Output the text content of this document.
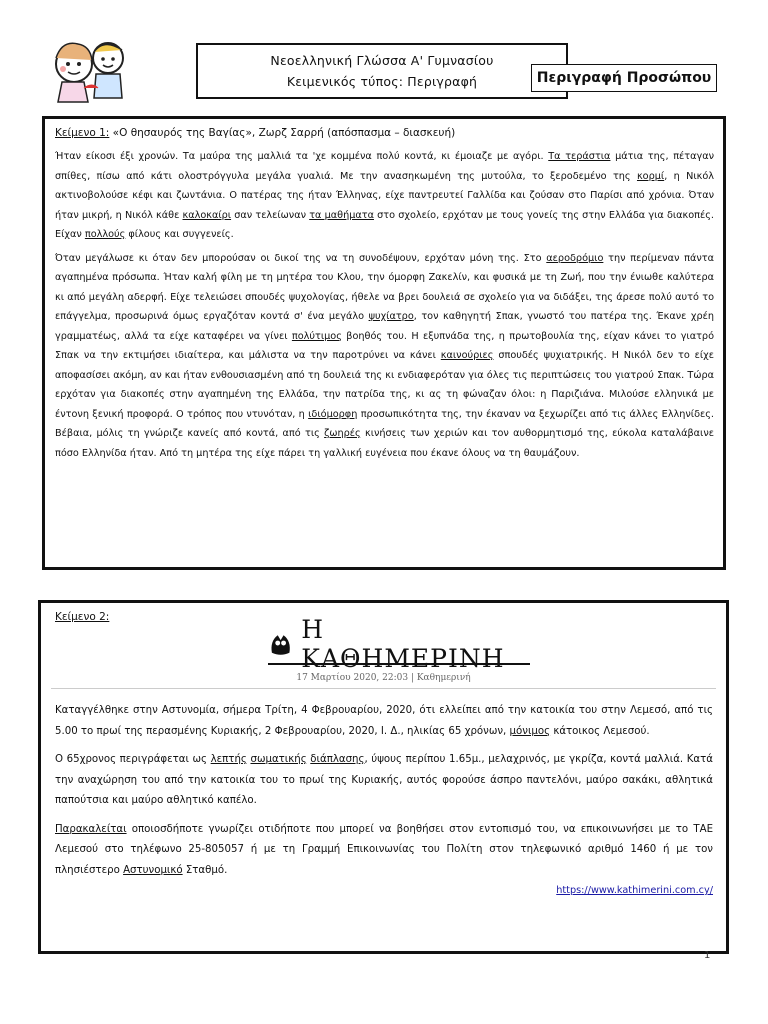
Νεοελληνική Γλώσσα Α' Γυμνασίου
Κειμενικός τύπος: Περιγραφή	Περιγραφή Προσώπου
Κείμενο 1: «Ο θησαυρός της Βαγίας», Ζωρζ Σαρρή (απόσπασμα – διασκευή)

Ήταν είκοσι έξι χρονών. Τα μαύρα της μαλλιά τα 'χε κομμένα πολύ κοντά, κι έμοιαζε με αγόρι. Τα τεράστια μάτια της, πέταγαν σπίθες, πίσω από κάτι ολοστρόγγυλα μεγάλα γυαλιά. Με την ανασηκωμένη της μυτούλα, το ξεροδεμένο της κορμί, η Νικόλ ακτινοβολούσε κέφι και ζωντάνια. Ο πατέρας της ήταν Έλληνας, είχε παντρευτεί Γαλλίδα και ζούσαν στο Παρίσι από χρόνια. Όταν ήταν μικρή, η Νικόλ κάθε καλοκαίρι σαν τελείωναν τα μαθήματα στο σχολείο, ερχόταν με τους γονείς της στην Ελλάδα για διακοπές. Είχαν πολλούς φίλους και συγγενείς.

Όταν μεγάλωσε κι όταν δεν μπορούσαν οι δικοί της να τη συνοδέψουν, ερχόταν μόνη της. Στο αεροδρόμιο την περίμεναν πάντα αγαπημένα πρόσωπα. Ήταν καλή φίλη με τη μητέρα του Κλου, την όμορφη Ζακελίν, και φυσικά με τη Ζωή, που την ένιωθε καλύτερα κι από μεγάλη αδερφή. Είχε τελειώσει σπουδές ψυχολογίας, ήθελε να βρει δουλειά σε σχολείο για να διδάξει, της άρεσε πολύ αυτό το επάγγελμα, προσωρινά όμως εργαζόταν κοντά σ' ένα μεγάλο ψυχίατρο, τον καθηγητή Σπακ, γνωστό του πατέρα της. Έκανε χρέη γραμματέως, αλλά τα είχε καταφέρει να γίνει πολύτιμος βοηθός του. Η εξυπνάδα της, η πρωτοβουλία της, είχαν κάνει το γιατρό Σπακ να την εκτιμήσει ιδιαίτερα, και μάλιστα να την παροτρύνει να κάνει καινούριες σπουδές ψυχιατρικής. Η Νικόλ δεν το είχε αποφασίσει ακόμη, αν και ήταν ενθουσιασμένη από τη δουλειά της κι ενδιαφερόταν για όλες τις περιπτώσεις του γιατρού Σπακ. Τώρα ερχόταν για διακοπές στην αγαπημένη της Ελλάδα, την πατρίδα της, κι ας τη φώναζαν όλοι: η Παριζιάνα. Μιλούσε ελληνικά με έντονη ξενική προφορά. Ο τρόπος που ντυνόταν, η ιδιόμορφη προσωπικότητα της, την έκαναν να ξεχωρίζει από τις άλλες Ελληνίδες. Βέβαια, μόλις τη γνώριζε κανείς από κοντά, από τις ζωηρές κινήσεις των χεριών και τον αυθορμητισμό της, εύκολα καταλάβαινε πόσο Ελληνίδα ήταν. Από τη μητέρα της είχε πάρει τη γαλλική ευγένεια που έκανε όλους να τη θαυμάζουν.

Κείμενο 2:	Η ΚΑΘΗΜΕΡΙΝΗ
17 Μαρτίου 2020, 22:03 | Καθημερινή

Καταγγέλθηκε στην Αστυνομία, σήμερα Τρίτη, 4 Φεβρουαρίου, 2020, ότι ελλείπει από την κατοικία του στην Λεμεσό, από τις 5.00 το πρωί της περασμένης Κυριακής, 2 Φεβρουαρίου, 2020, Ι. Δ., ηλικίας 65 χρόνων, μόνιμος κάτοικος Λεμεσού.

Ο 65χρονος περιγράφεται ως λεπτής σωματικής διάπλασης, ύψους περίπου 1.65μ., μελαχρινός, με γκρίζα, κοντά μαλλιά. Κατά την αναχώρηση του από την κατοικία του το πρωί της Κυριακής, αυτός φορούσε άσπρο παντελόνι, μαύρο σακάκι, αθλητικά παπούτσια και μαύρο αθλητικό καπέλο.

Παρακαλείται οποιοσδήποτε γνωρίζει οτιδήποτε που μπορεί να βοηθήσει στον εντοπισμό του, να επικοινωνήσει με το ΤΑΕ Λεμεσού στο τηλέφωνο 25-805057 ή με τη Γραμμή Επικοινωνίας του Πολίτη στον τηλεφωνικό αριθμό 1460 ή με τον πλησιέστερο Αστυνομικό Σταθμό.

https://www.kathimerini.com.cy/
1
